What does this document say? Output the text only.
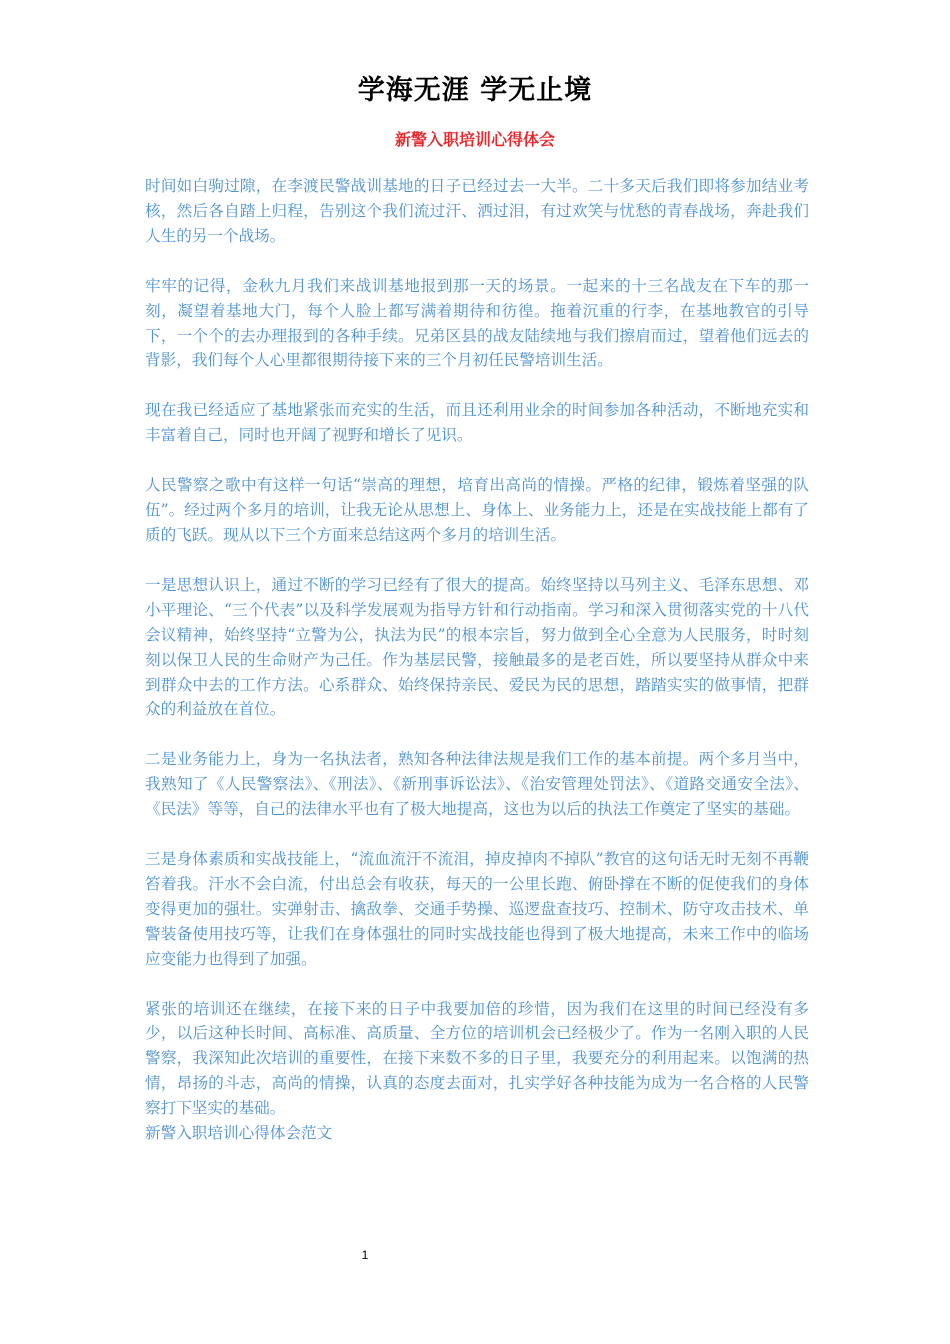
学海无涯 学无止境
新警入职培训心得体会

时间如白驹过隙，在李渡民警战训基地的日子已经过去一大半。二十多天后我们即将参加结业考核，然后各自踏上归程，告别这个我们流过汗、洒过泪，有过欢笑与忧愁的青春战场，奔赴我们人生的另一个战场。

牢牢的记得，金秋九月我们来战训基地报到那一天的场景。一起来的十三名战友在下车的那一刻，凝望着基地大门，每个人脸上都写满着期待和彷徨。拖着沉重的行李，在基地教官的引导下，一个个的去办理报到的各种手续。兄弟区县的战友陆续地与我们擦肩而过，望着他们远去的背影，我们每个人心里都很期待接下来的三个月初任民警培训生活。

现在我已经适应了基地紧张而充实的生活，而且还利用业余的时间参加各种活动，不断地充实和丰富着自己，同时也开阔了视野和增长了见识。

人民警察之歌中有这样一句话“崇高的理想，培育出高尚的情操。严格的纪律，锻炼着坚强的队伍”。经过两个多月的培训，让我无论从思想上、身体上、业务能力上，还是在实战技能上都有了质的飞跃。现从以下三个方面来总结这两个多月的培训生活。

一是思想认识上，通过不断的学习已经有了很大的提高。始终坚持以马列主义、毛泽东思想、邓小平理论、“三个代表”以及科学发展观为指导方针和行动指南。学习和深入贯彻落实党的十八代会议精神，始终坚持“立警为公，执法为民”的根本宗旨，努力做到全心全意为人民服务，时时刻刻以保卫人民的生命财产为己任。作为基层民警，接触最多的是老百姓，所以要坚持从群众中来到群众中去的工作方法。心系群众、始终保持亲民、爱民为民的思想，踏踏实实的做事情，把群众的利益放在首位。

二是业务能力上，身为一名执法者，熟知各种法律法规是我们工作的基本前提。两个多月当中，我熟知了《人民警察法》、《刑法》、《新刑事诉讼法》、《治安管理处罚法》、《道路交通安全法》、《民法》等等，自己的法律水平也有了极大地提高，这也为以后的执法工作奠定了坚实的基础。

三是身体素质和实战技能上，“流血流汗不流泪，掉皮掉肉不掉队”教官的这句话无时无刻不再鞭笞着我。汗水不会白流，付出总会有收获，每天的一公里长跑、俯卧撑在不断的促使我们的身体变得更加的强壮。实弹射击、擒敌拳、交通手势操、巡逻盘查技巧、控制术、防守攻击技术、单警装备使用技巧等，让我们在身体强壮的同时实战技能也得到了极大地提高，未来工作中的临场应变能力也得到了加强。

紧张的培训还在继续，在接下来的日子中我要加倍的珍惜，因为我们在这里的时间已经没有多少，以后这种长时间、高标准、高质量、全方位的培训机会已经极少了。作为一名刚入职的人民警察，我深知此次培训的重要性，在接下来数不多的日子里，我要充分的利用起来。以饱满的热情，昂扬的斗志，高尚的情操，认真的态度去面对，扎实学好各种技能为成为一名合格的人民警察打下坚实的基础。

新警入职培训心得体会范文

1
